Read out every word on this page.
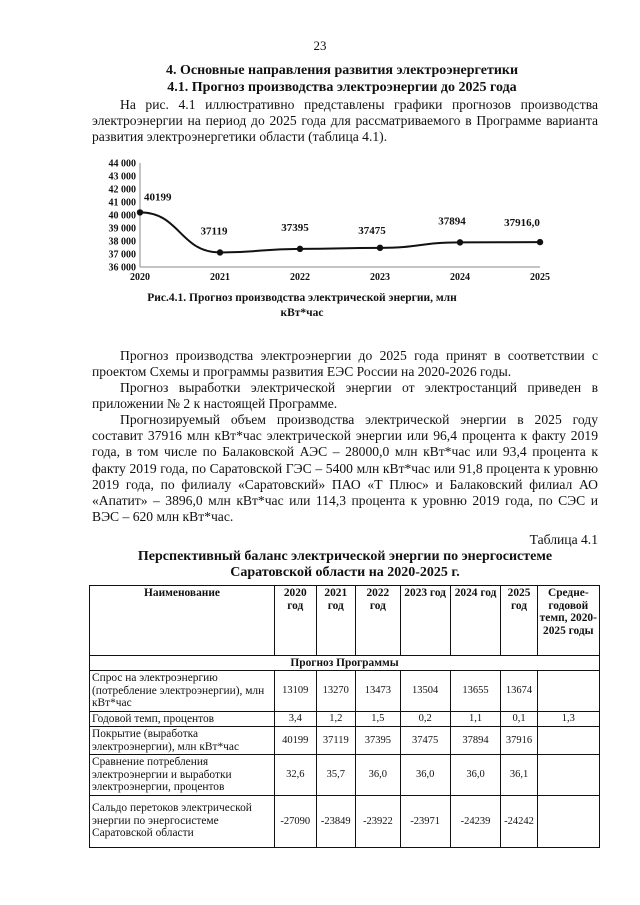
23
4. Основные направления развития электроэнергетики
4.1. Прогноз производства электроэнергии до 2025 года
На рис. 4.1 иллюстративно представлены графики прогнозов производства электроэнергии на период до 2025 года для рассматриваемого в Программе варианта развития электроэнергетики области (таблица 4.1).
44 000
43 000
42 000
41 000
40 000
39 000
38 000
37 000
36 000
2020	2021	2022	2023	2024	2025
40199
37119	37395	37475
37894	37916,0
Рис.4.1. Прогноз производства электрической энергии, млн
кВт*час
Прогноз производства электроэнергии до 2025 года принят в соответствии с проектом Схемы и программы развития ЕЭС России на 2020-2026 годы.
Прогноз выработки электрической энергии от электростанций приведен в приложении № 2 к настоящей Программе.
Прогнозируемый объем производства электрической энергии в 2025 году составит 37916 млн кВт*час электрической энергии или 96,4 процента к факту 2019 года, в том числе по Балаковской АЭС – 28000,0 млн кВт*час или 93,4 процента к факту 2019 года, по Саратовской ГЭС – 5400 млн кВт*час или 91,8 процента к уровню 2019 года, по филиалу «Саратовский» ПАО «Т Плюс» и Балаковский филиал АО «Апатит» – 3896,0 млн кВт*час или 114,3 процента к уровню 2019 года, по СЭС и ВЭС – 620 млн кВт*час.
Таблица 4.1
Перспективный баланс электрической энергии по энергосистеме
Саратовской области на 2020-2025 г.
Наименование	2020 год	2021 год	2022 год	2023 год	2024 год	2025 год	Средне-годовой темп, 2020-2025 годы
Прогноз Программы							
Спрос на электроэнергию (потребление электроэнергии), млн кВт*час	13109	13270	13473	13504	13655	13674	
Годовой темп, процентов	3,4	1,2	1,5	0,2	1,1	0,1	1,3
Покрытие (выработка электроэнергии), млн кВт*час	40199	37119	37395	37475	37894	37916	
Сравнение потребления электроэнергии и выработки электроэнергии, процентов	32,6	35,7	36,0	36,0	36,0	36,1	
Сальдо перетоков электрической энергии по энергосистеме Саратовской области	-27090	-23849	-23922	-23971	-24239	-24242	
